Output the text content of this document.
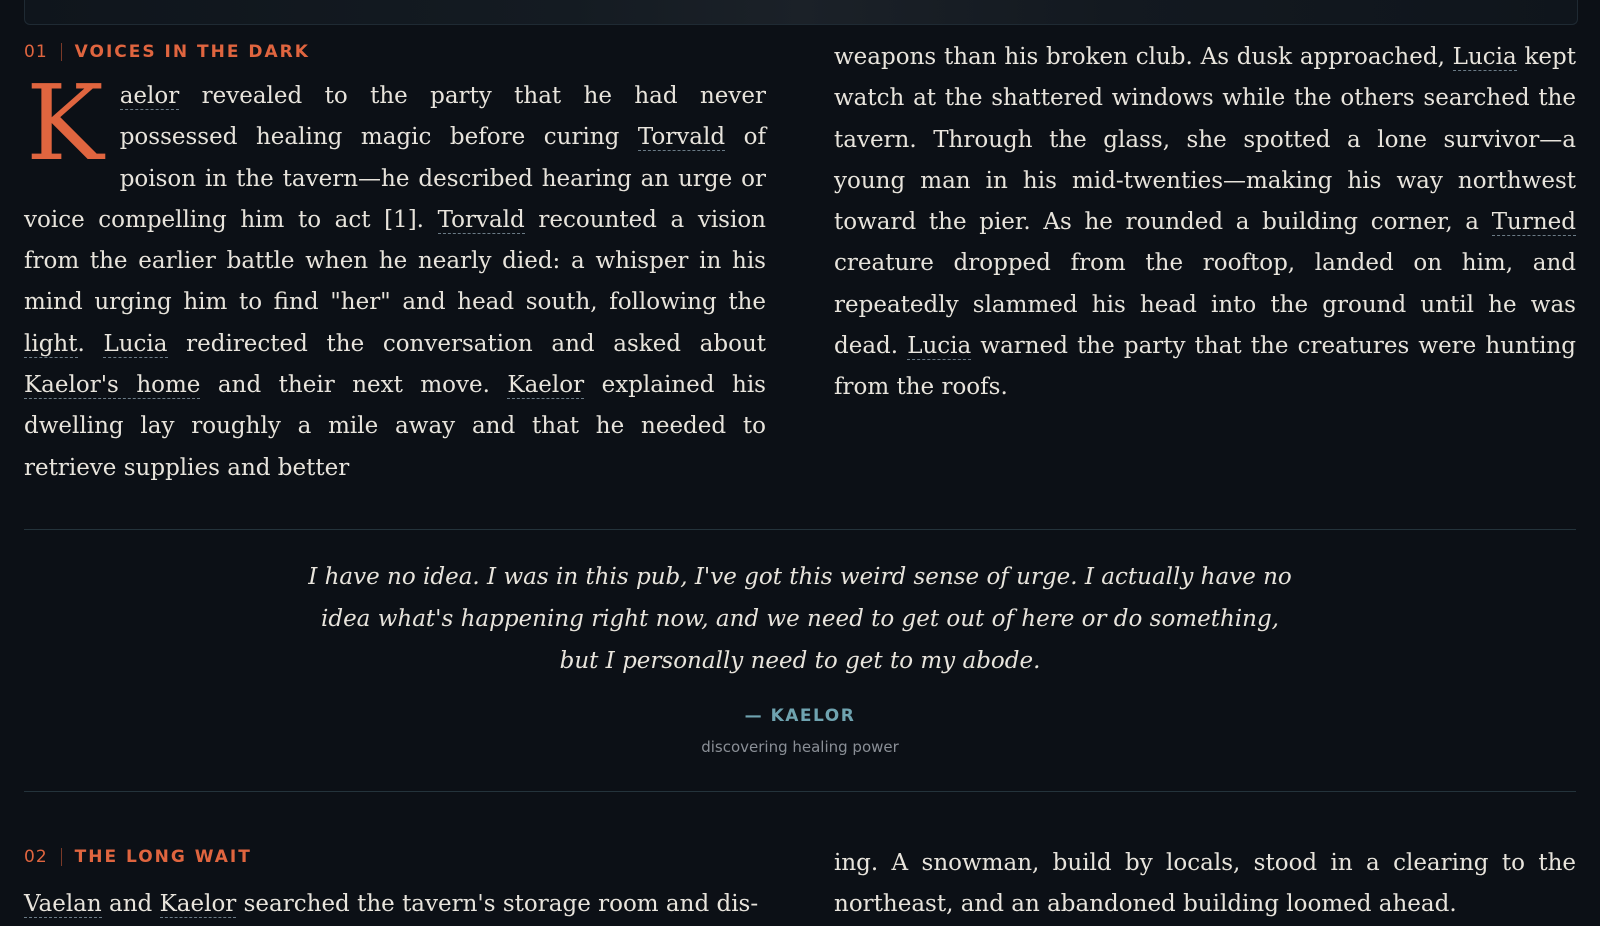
01 VOICES IN THE DARK

Kaelor revealed to the party that he had never possessed healing magic before curing Torvald of poison in the tavern—he described hearing an urge or voice compelling him to act [1]. Torvald recounted a vision from the earlier battle when he nearly died: a whisper in his mind urging him to find "her" and head south, following the light. Lucia redirected the conversation and asked about Kaelor's home and their next move. Kaelor explained his dwelling lay roughly a mile away and that he needed to retrieve supplies and better

weapons than his broken club. As dusk approached, Lucia kept watch at the shattered windows while the others searched the tavern. Through the glass, she spotted a lone survivor—a young man in his mid-twenties—making his way northwest toward the pier. As he rounded a building corner, a Turned creature dropped from the rooftop, landed on him, and repeatedly slammed his head into the ground until he was dead. Lucia warned the party that the creatures were hunting from the roofs.

I have no idea. I was in this pub, I've got this weird sense of urge. I actually have no idea what's happening right now, and we need to get out of here or do something, but I personally need to get to my abode.
— KAELOR
discovering healing power
02 THE LONG WAIT

Vaelan and Kaelor searched the tavern's storage room and dis-

ing. A snowman, build by locals, stood in a clearing to the northeast, and an abandoned building loomed ahead.
